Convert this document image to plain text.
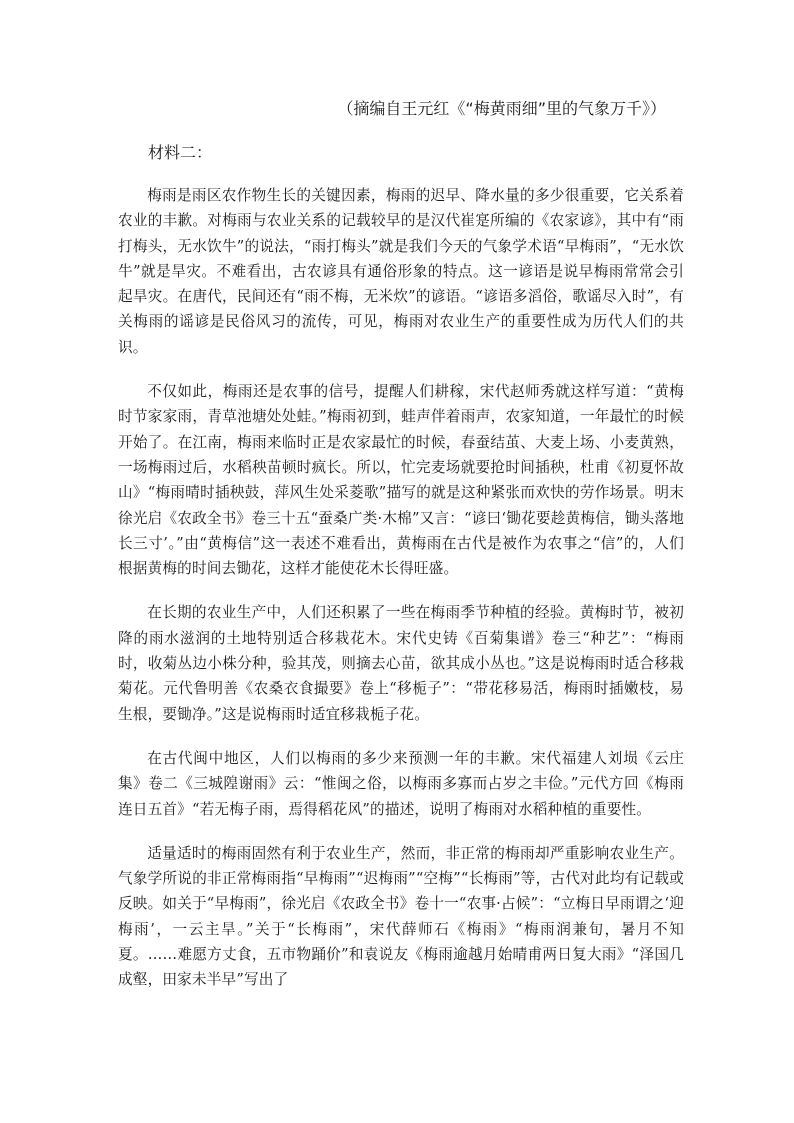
（摘编自王元红《“梅黄雨细”里的气象万千》）
材料二：

梅雨是雨区农作物生长的关键因素，梅雨的迟早、降水量的多少很重要，它关系着农业的丰歉。对梅雨与农业关系的记载较早的是汉代崔寔所编的《农家谚》，其中有“雨打梅头，无水饮牛”的说法，“雨打梅头”就是我们今天的气象学术语“早梅雨”，“无水饮牛”就是旱灾。不难看出，古农谚具有通俗形象的特点。这一谚语是说早梅雨常常会引起旱灾。在唐代，民间还有“雨不梅，无米炊”的谚语。“谚语多滔俗，歌谣尽入时”，有关梅雨的谣谚是民俗风习的流传，可见，梅雨对农业生产的重要性成为历代人们的共识。

不仅如此，梅雨还是农事的信号，提醒人们耕稼，宋代赵师秀就这样写道：“黄梅时节家家雨，青草池塘处处蛙。”梅雨初到，蛙声伴着雨声，农家知道，一年最忙的时候开始了。在江南，梅雨来临时正是农家最忙的时候，春蚕结茧、大麦上场、小麦黄熟，一场梅雨过后，水稻秧苗顿时疯长。所以，忙完麦场就要抢时间插秧，杜甫《初夏怀故山》“梅雨晴时插秧鼓，萍风生处采菱歌”描写的就是这种紧张而欢快的劳作场景。明末徐光启《农政全书》卷三十五“蚕桑广类·木棉”又言：“谚曰‘锄花要趁黄梅信，锄头落地长三寸’。”由“黄梅信”这一表述不难看出，黄梅雨在古代是被作为农事之“信”的，人们根据黄梅的时间去锄花，这样才能使花木长得旺盛。

在长期的农业生产中，人们还积累了一些在梅雨季节种植的经验。黄梅时节，被初降的雨水滋润的土地特别适合移栽花木。宋代史铸《百菊集谱》卷三“种艺”：“梅雨时，收菊丛边小株分种，验其茂，则摘去心苗，欲其成小丛也。”这是说梅雨时适合移栽菊花。元代鲁明善《农桑衣食撮要》卷上“移栀子”：“带花移易活，梅雨时插嫩枝，易生根，要锄净。”这是说梅雨时适宜移栽栀子花。

在古代闽中地区，人们以梅雨的多少来预测一年的丰歉。宋代福建人刘埙《云庄集》卷二《三城隍谢雨》云：“惟闽之俗，以梅雨多寡而占岁之丰俭。”元代方回《梅雨连日五首》“若无梅子雨，焉得稻花风”的描述，说明了梅雨对水稻种植的重要性。

适量适时的梅雨固然有利于农业生产，然而，非正常的梅雨却严重影响农业生产。气象学所说的非正常梅雨指“早梅雨”“迟梅雨”“空梅”“长梅雨”等，古代对此均有记载或反映。如关于“早梅雨”，徐光启《农政全书》卷十一“农事·占候”：“立梅日早雨谓之‘迎梅雨’，一云主旱。”关于“长梅雨”，宋代薛师石《梅雨》“梅雨润兼旬，暑月不知夏。……难愿方丈食，五市物踊价”和袁说友《梅雨逾越月始晴甫两日复大雨》“泽国几成壑，田家未半早”写出了
